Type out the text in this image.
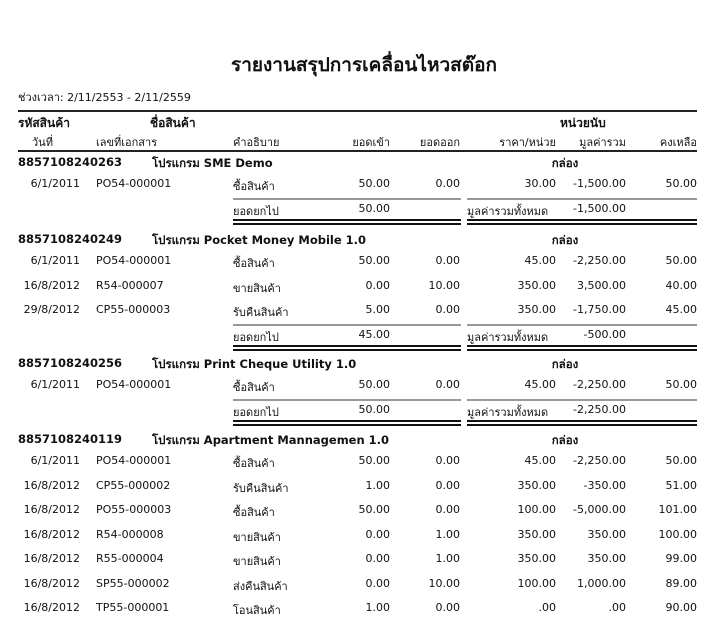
รายงานสรุปการเคลื่อนไหวสต๊อก
ช่วงเวลา: 2/11/2553 - 2/11/2559
รหัสสินค้า	ชื่อสินค้า	หน่วยนับ
วันที่	เลขที่เอกสาร	คำอธิบาย	ยอดเข้า	ยอดออก	ราคา/หน่วย	มูลค่ารวม	คงเหลือ
8857108240263	โปรแกรม SME Demo	กล่อง
6/1/2011 PO54-000001	ซื้อสินค้า	50.00	0.00	30.00	-1,500.00	50.00
ยอดยกไป	50.00	มูลค่ารวมทั้งหมด	-1,500.00
8857108240249	โปรแกรม Pocket Money Mobile 1.0	กล่อง
6/1/2011 PO54-000001	ซื้อสินค้า	50.00	0.00	45.00	-2,250.00	50.00
16/8/2012 R54-000007	ขายสินค้า	0.00	10.00	350.00	3,500.00	40.00
29/8/2012 CP55-000003	รับคืนสินค้า	5.00	0.00	350.00	-1,750.00	45.00
ยอดยกไป	45.00	มูลค่ารวมทั้งหมด	-500.00
8857108240256	โปรแกรม Print Cheque Utility 1.0	กล่อง
6/1/2011 PO54-000001	ซื้อสินค้า	50.00	0.00	45.00	-2,250.00	50.00
ยอดยกไป	50.00	มูลค่ารวมทั้งหมด	-2,250.00
8857108240119	โปรแกรม Apartment Mannagemen 1.0	กล่อง
6/1/2011 PO54-000001	ซื้อสินค้า	50.00	0.00	45.00	-2,250.00	50.00
16/8/2012 CP55-000002	รับคืนสินค้า	1.00	0.00	350.00	-350.00	51.00
16/8/2012 PO55-000003	ซื้อสินค้า	50.00	0.00	100.00	-5,000.00	101.00
16/8/2012 R54-000008	ขายสินค้า	0.00	1.00	350.00	350.00	100.00
16/8/2012 R55-000004	ขายสินค้า	0.00	1.00	350.00	350.00	99.00
16/8/2012 SP55-000002	ส่งคืนสินค้า	0.00	10.00	100.00	1,000.00	89.00
16/8/2012 TP55-000001	โอนสินค้า	1.00	0.00	.00	.00	90.00
